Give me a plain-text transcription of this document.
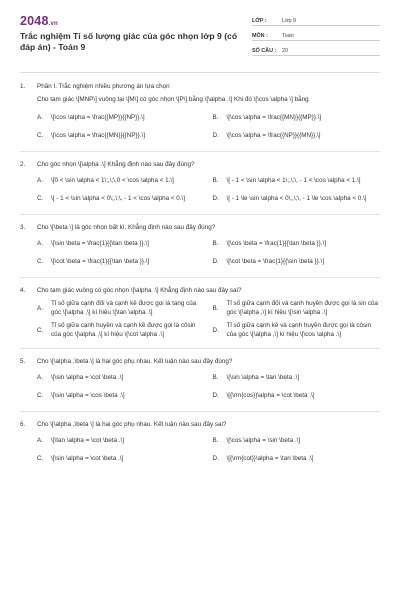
2048.vn
Trắc nghiệm Tỉ số lượng giác của góc nhọn lớp 9 (có đáp án) - Toán 9
LỚP :	Lớp 9
MÔN :	Toán
SỐ CÂU :	20
1.	Phần I. Trắc nghiệm nhiều phương án lựa chọn
Cho tam giác \[MNP\] vuông tại \[M\] có góc nhọn \[P\] bằng \[\alpha .\] Khi đó \[\cos \alpha \] bằng
A.	\[\cos \alpha = \frac{{MP}}{{NP}}.\]	B.	\[\cos \alpha = \frac{{MN}}{{MP}}.\]
C.	\[\cos \alpha = \frac{{MN}}{{NP}}.\]	D.	\[\cos \alpha = \frac{{NP}}{{MN}}.\]
2.	Cho góc nhọn \[\alpha .\] Khẳng định nào sau đây đúng?
A.	\[0 < \sin \alpha < 1\;,\;\,0 < \cos \alpha < 1.\]	B.	\[ - 1 < \sin \alpha < 1\;,\;\, - 1 < \cos \alpha < 1.\]
C.	\[ - 1 < \sin \alpha < 0\;,\;\, - 1 < \cos \alpha < 0.\]	D.	\[ - 1 \le \sin \alpha < 0\;,\;\, - 1 \le \cos \alpha < 0.\]
3.	Cho \[\beta \] là góc nhọn bất kì. Khẳng định nào sau đây đúng?
A.	\[\sin \beta = \frac{1}{{\tan \beta }}.\]	B.	\[\cos \beta = \frac{1}{{\tan \beta }}.\]
C.	\[\cot \beta = \frac{1}{{\tan \beta }}.\]	D.	\[\cot \beta = \frac{1}{{\sin \beta }}.\]
4.	Cho tam giác vuông có góc nhọn \[\alpha .\] Khẳng định nào sau đây sai?
A.
Tỉ số giữa cạnh đối và cạnh kề được gọi là tang của góc \[\alpha ,\] kí hiệu \[\tan \alpha .\]
B.
Tỉ số giữa cạnh đối và cạnh huyền được gọi là sin của góc \[\alpha ,\] kí hiệu \[\sin \alpha .\]
C.
Tỉ số giữa cạnh huyền và cạnh kề được gọi là côsin của góc \[\alpha ,\] kí hiệu \[\cot \alpha .\]
D.
Tỉ số giữa cạnh kề và cạnh huyền được gọi là côsin của góc \[\alpha ,\] kí hiệu \[\cos \alpha .\]
5.	Cho \[\alpha ,\beta \] là hai góc phụ nhau. Kết luận nào sau đây đúng?
A.	\[\sin \alpha = \cot \beta .\]	B.	\[\sin \alpha = \tan \beta .\]
C.	\[\sin \alpha = \cos \beta .\]	D.	\[{\rm{cos}}\alpha = \cot \beta .\]
6.	Cho \[\alpha ,\beta \] là hai góc phụ nhau. Kết luận nào sau đây sai?
A.	\[\tan \alpha = \cot \beta .\]	B.	\[\cos \alpha = \sin \beta .\]
C.	\[\sin \alpha = \cot \beta .\]	D.	\[{\rm{cot}}\alpha = \tan \beta .\]
